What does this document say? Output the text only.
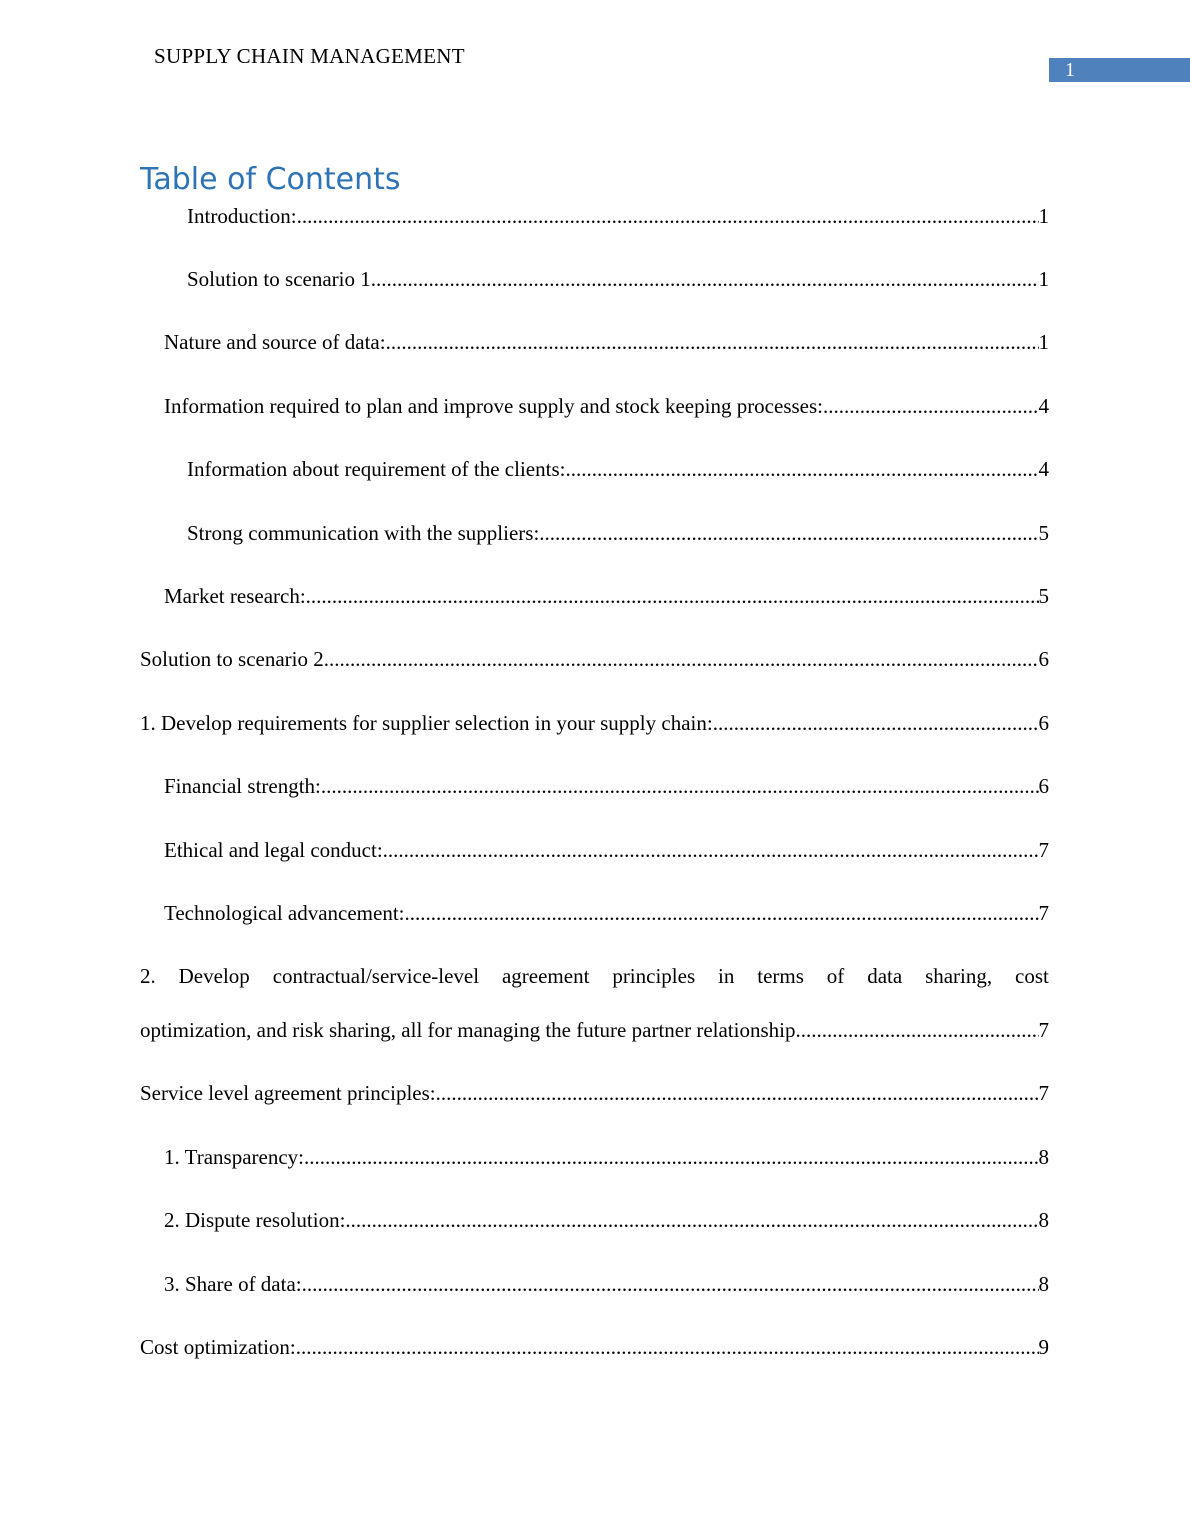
SUPPLY CHAIN MANAGEMENT
1
Table of Contents
Introduction: .....	1
Solution to scenario 1 .....	1
Nature and source of data: .....	1
Information required to plan and improve supply and stock keeping processes: .....	4
Information about requirement of the clients: .....	4
Strong communication with the suppliers: .....	5
Market research: .....	5
Solution to scenario 2 .....	6
1. Develop requirements for supplier selection in your supply chain: .....	6
Financial strength: .....	6
Ethical and legal conduct: .....	7
Technological advancement: .....	7
2. Develop contractual/service-level agreement principles in terms of data sharing, cost
optimization, and risk sharing, all for managing the future partner relationship. .....	7
Service level agreement principles: .....	7
1. Transparency: .....	8
2. Dispute resolution: .....	8
3. Share of data: .....	8
Cost optimization: .....	9
